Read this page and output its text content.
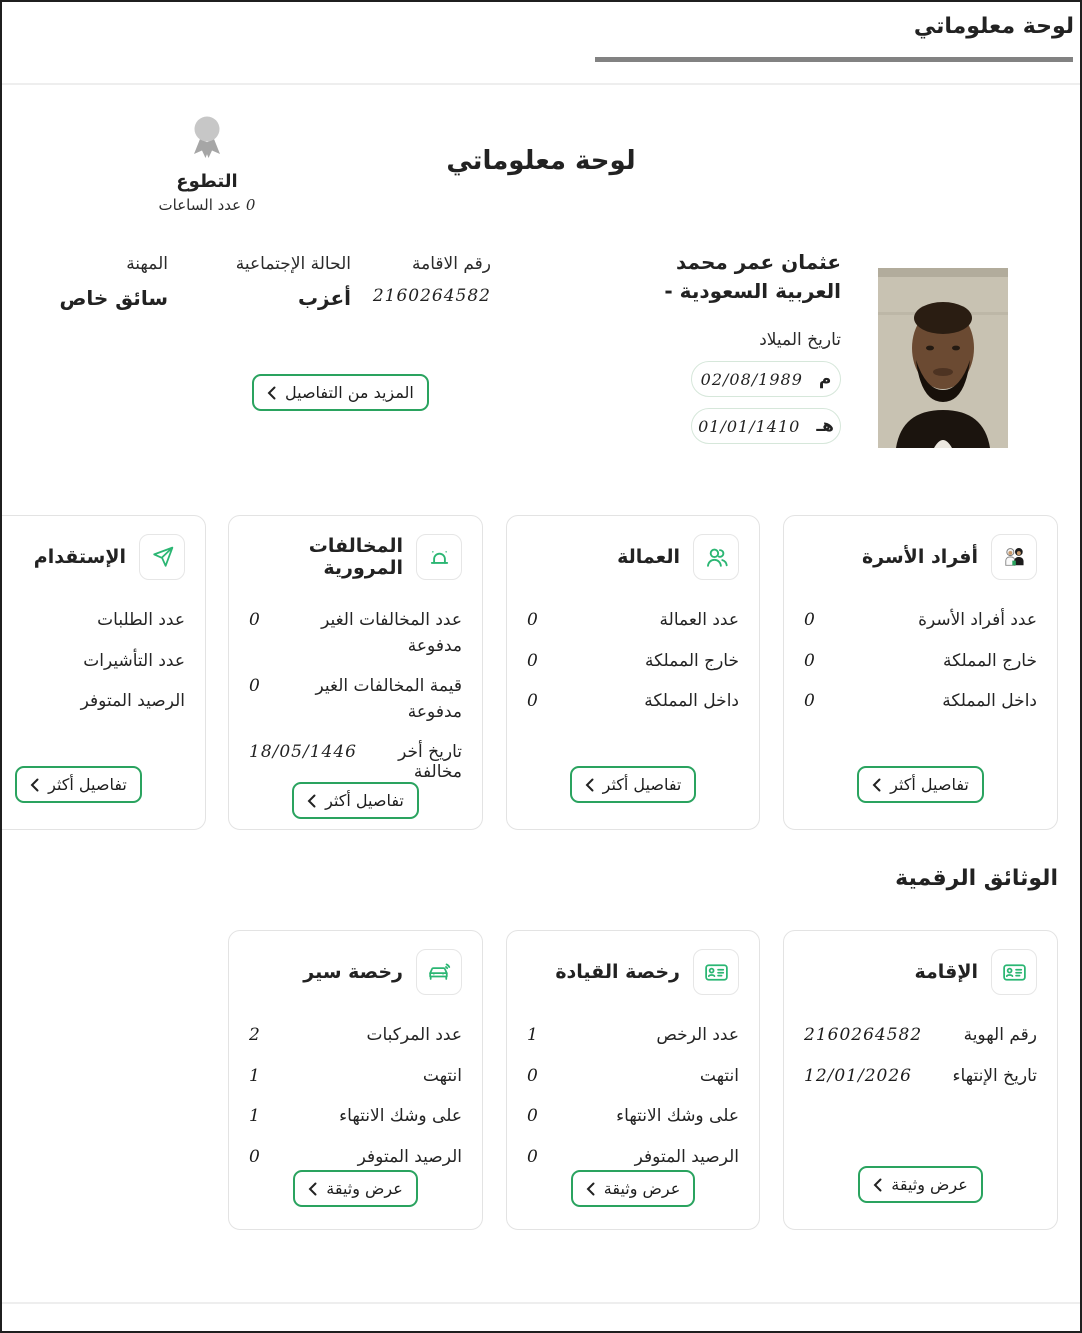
لوحة معلوماتي
التطوع
0 عدد الساعات
لوحة معلوماتي
عثمان عمر محمد
العربية السعودية -
تاريخ الميلاد
م
02/08/1989
هـ
01/01/1410
رقم الاقامة
2160264582
الحالة الإجتماعية
أعزب
المهنة
سائق خاص
المزيد من التفاصيل
أفراد الأسرة
عدد أفراد الأسرة
0
خارج المملكة
0
داخل المملكة
0
تفاصيل أكثر
العمالة
عدد العمالة
0
خارج المملكة
0
داخل المملكة
0
تفاصيل أكثر
المخالفات المرورية
عدد المخالفات الغير مدفوعة
0
قيمة المخالفات الغير مدفوعة
0
تاريخ أخر مخالفة
18/05/1446
تفاصيل أكثر
الإستقدام
عدد الطلبات
عدد التأشيرات
الرصيد المتوفر
تفاصيل أكثر
الوثائق الرقمية
الإقامة
رقم الهوية
2160264582
تاريخ الإنتهاء
12/01/2026
عرض وثيقة
رخصة القيادة
عدد الرخص
1
انتهت
0
على وشك الانتهاء
0
الرصيد المتوفر
0
عرض وثيقة
رخصة سير
عدد المركبات
2
انتهت
1
على وشك الانتهاء
1
الرصيد المتوفر
0
عرض وثيقة
